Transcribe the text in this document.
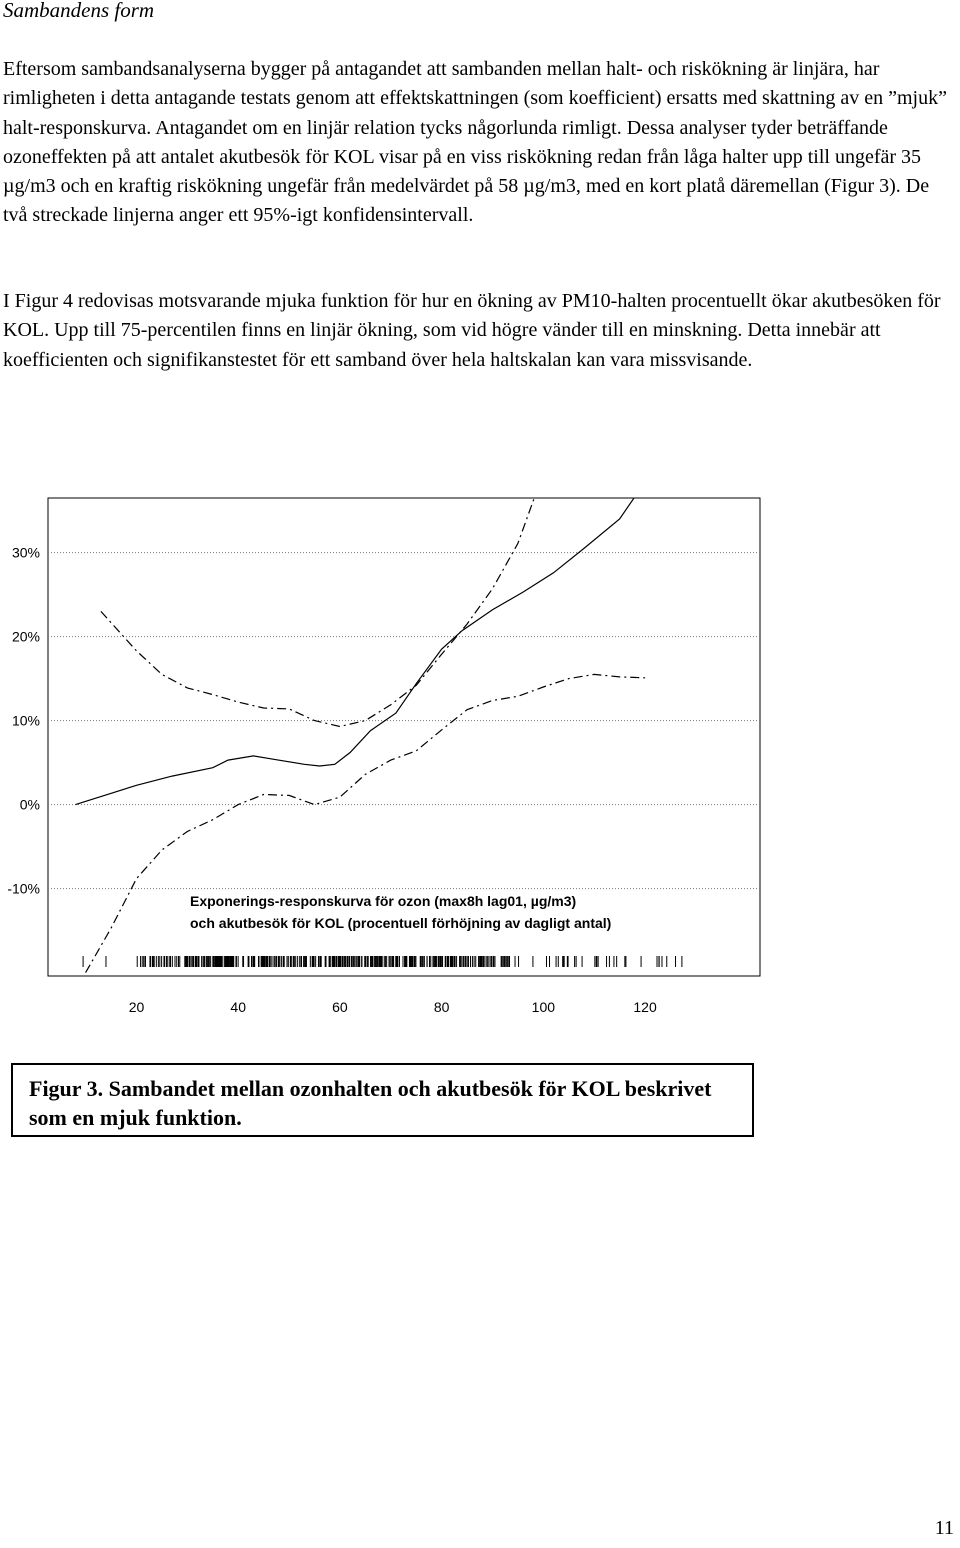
Sambandens form

Eftersom sambandsanalyserna bygger på antagandet att sambanden mellan halt- och riskökning är linjära, har rimligheten i detta antagande testats genom att effektskattningen (som koefficient) ersatts med skattning av en ”mjuk” halt-responskurva. Antagandet om en linjär relation tycks någorlunda rimligt. Dessa analyser tyder beträffande ozoneffekten på att antalet akutbesök för KOL visar på en viss riskökning redan från låga halter upp till ungefär 35 µg/m3 och en kraftig riskökning ungefär från medelvärdet på 58 µg/m3, med en kort platå däremellan (Figur 3). De två streckade linjerna anger ett 95%-igt konfidensintervall.

I Figur 4 redovisas motsvarande mjuka funktion för hur en ökning av PM10-halten procentuellt ökar akutbesöken för KOL. Upp till 75-percentilen finns en linjär ökning, som vid högre vänder till en minskning. Detta innebär att koefficienten och signifikanstestet för ett samband över hela haltskalan kan vara missvisande.

30%
20%
10%
0%
-10%
Exponerings-responskurva för ozon (max8h lag01, µg/m3)
och akutbesök för KOL (procentuell förhöjning av dagligt antal)
20	40	60	80	100	120
Figur 3. Sambandet mellan ozonhalten och akutbesök för KOL beskrivet som en mjuk funktion.
11
